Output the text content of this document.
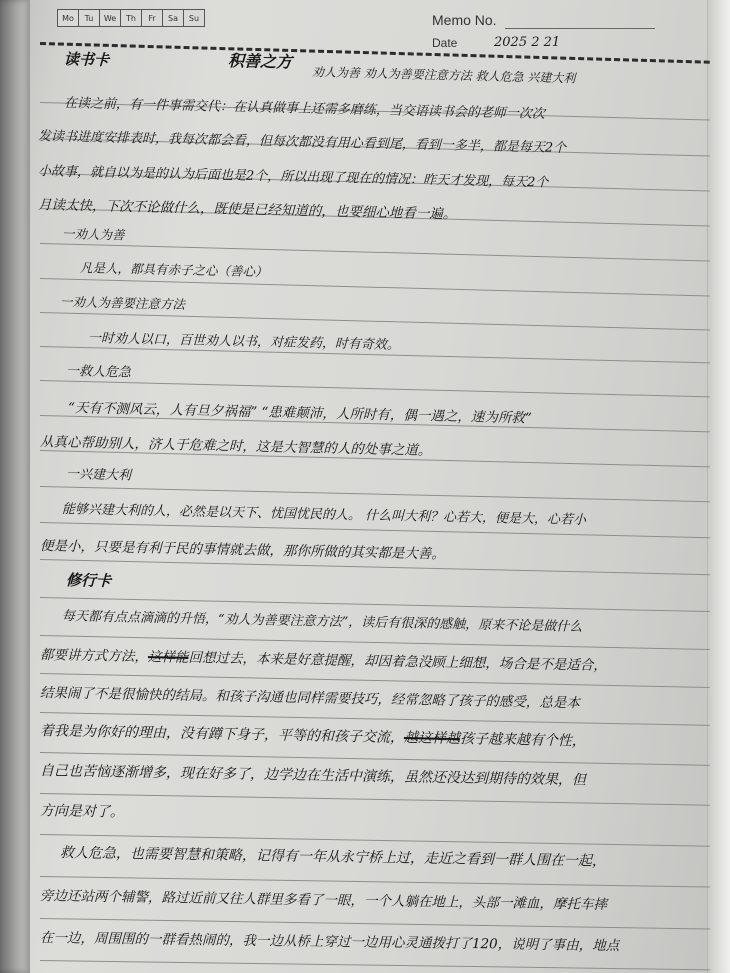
Mo	Tu	We	Th	Fr	Sa	Su	Memo No.
Date	2025 2 21
读书卡	积善之方
劝人为善 劝人为善要注意方法 救人危急 兴建大利
在读之前，有一件事需交代：在认真做事上还需多磨练，当交语读书会的老师一次次
发读书进度安排表时，我每次都会看，但每次都没有用心看到尾，看到一多半，都是每天2个
小故事，就自以为是的认为后面也是2个，所以出现了现在的情况：昨天才发现，每天2个
月读太快，下次不论做什么，既使是已经知道的，也要细心地看一遍。
一劝人为善
凡是人，都具有赤子之心（善心）
一劝人为善要注意方法
一时劝人以口，百世劝人以书，对症发药，时有奇效。
一救人危急
“天有不测风云，人有旦夕祸福” “患难颠沛，人所时有，偶一遇之，速为所救”
从真心帮助别人，济人于危难之时，这是大智慧的人的处事之道。
一兴建大利
能够兴建大利的人，必然是以天下、忧国忧民的人。 什么叫大利？心若大，便是大，心若小
便是小，只要是有利于民的事情就去做，那你所做的其实都是大善。
修行卡
每天都有点点滴滴的升悟，“劝人为善要注意方法”，读后有很深的感触，原来不论是做什么
都要讲方式方法，这样能回想过去，本来是好意提醒，却因着急没顾上细想，场合是不是适合，
结果闹了不是很愉快的结局。和孩子沟通也同样需要技巧，经常忽略了孩子的感受，总是本
着我是为你好的理由，没有蹲下身子，平等的和孩子交流，越这样越孩子越来越有个性，
自己也苦恼逐渐增多，现在好多了，边学边在生活中演练，虽然还没达到期待的效果，但
方向是对了。
救人危急，也需要智慧和策略，记得有一年从永宁桥上过，走近之看到一群人围在一起，
旁边还站两个辅警，路过近前又往人群里多看了一眼，一个人躺在地上，头部一滩血，摩托车摔
在一边，周围围的一群看热闹的，我一边从桥上穿过一边用心灵通拨打了120，说明了事由，地点
